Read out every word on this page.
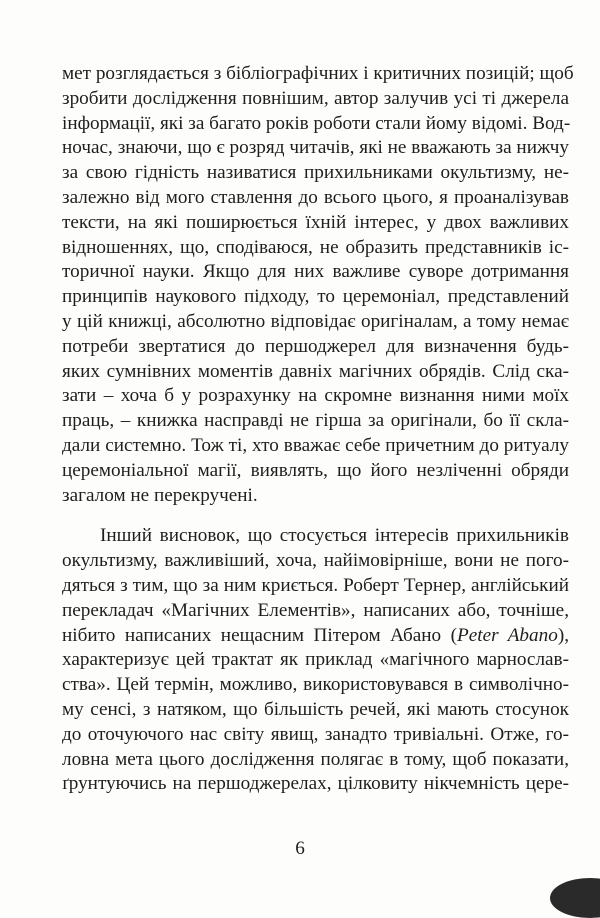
мет розглядається з бібліографічних і критичних позицій; щоб
зробити дослідження повнішим, автор залучив усі ті джерела
інформації, які за багато років роботи стали йому відомі. Вод-
ночас, знаючи, що є розряд читачів, які не вважають за нижчу
за свою гідність називатися прихильниками окультизму, не-
залежно від мого ставлення до всього цього, я проаналізував
тексти, на які поширюється їхній інтерес, у двох важливих
відношеннях, що, сподіваюся, не образить представників іс-
торичної науки. Якщо для них важливе суворе дотримання
принципів наукового підходу, то церемоніал, представлений
у цій книжці, абсолютно відповідає оригіналам, а тому немає
потреби звертатися до першоджерел для визначення будь-
яких сумнівних моментів давніх магічних обрядів. Слід ска-
зати – хоча б у розрахунку на скромне визнання ними моїх
праць, – книжка насправді не гірша за оригінали, бо її скла-
дали системно. Тож ті, хто вважає себе причетним до ритуалу
церемоніальної магії, виявлять, що його незліченні обряди
загалом не перекручені.
Інший висновок, що стосується інтересів прихильників
окультизму, важливіший, хоча, найімовірніше, вони не пого-
дяться з тим, що за ним криється. Роберт Тернер, англійський
перекладач «Магічних Елементів», написаних або, точніше,
нібито написаних нещасним Пітером Абано (Peter Abano),
характеризує цей трактат як приклад «магічного марнослав-
ства». Цей термін, можливо, використовувався в символічно-
му сенсі, з натяком, що більшість речей, які мають стосунок
до оточуючого нас світу явищ, занадто тривіальні. Отже, го-
ловна мета цього дослідження полягає в тому, щоб показати,
ґрунтуючись на першоджерелах, цілковиту нікчемність цере-
6
